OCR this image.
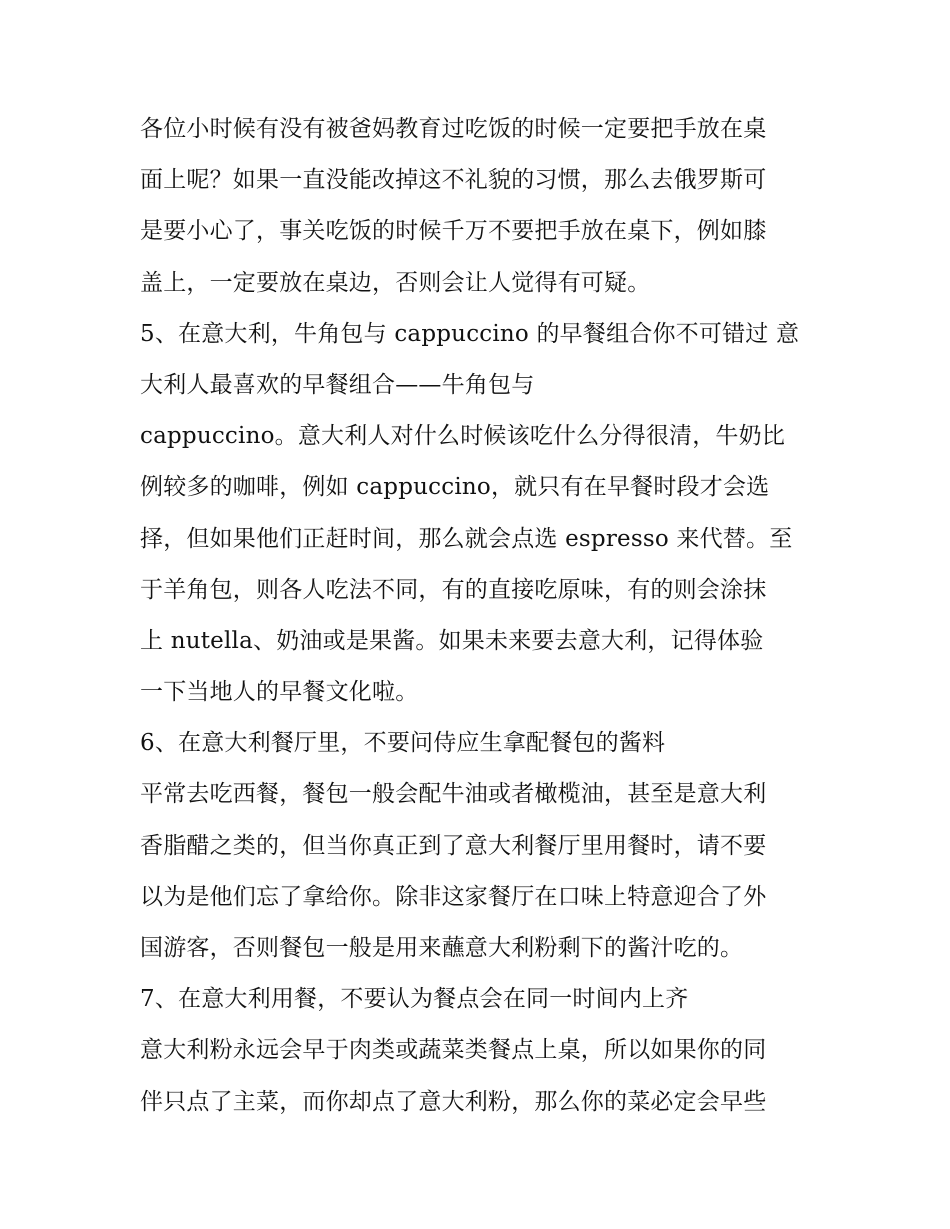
各位小时候有没有被爸妈教育过吃饭的时候一定要把手放在桌
面上呢？如果一直没能改掉这不礼貌的习惯，那么去俄罗斯可
是要小心了，事关吃饭的时候千万不要把手放在桌下，例如膝
盖上，一定要放在桌边，否则会让人觉得有可疑。
5、在意大利，牛角包与 cappuccino 的早餐组合你不可错过 意
大利人最喜欢的早餐组合——牛角包与
cappuccino。意大利人对什么时候该吃什么分得很清，牛奶比
例较多的咖啡，例如 cappuccino，就只有在早餐时段才会选
择，但如果他们正赶时间，那么就会点选 espresso 来代替。至
于羊角包，则各人吃法不同，有的直接吃原味，有的则会涂抹
上 nutella、奶油或是果酱。如果未来要去意大利，记得体验
一下当地人的早餐文化啦。
6、在意大利餐厅里，不要问侍应生拿配餐包的酱料
平常去吃西餐，餐包一般会配牛油或者橄榄油，甚至是意大利
香脂醋之类的，但当你真正到了意大利餐厅里用餐时，请不要
以为是他们忘了拿给你。除非这家餐厅在口味上特意迎合了外
国游客，否则餐包一般是用来蘸意大利粉剩下的酱汁吃的。
7、在意大利用餐，不要认为餐点会在同一时间内上齐
意大利粉永远会早于肉类或蔬菜类餐点上桌，所以如果你的同
伴只点了主菜，而你却点了意大利粉，那么你的菜必定会早些
